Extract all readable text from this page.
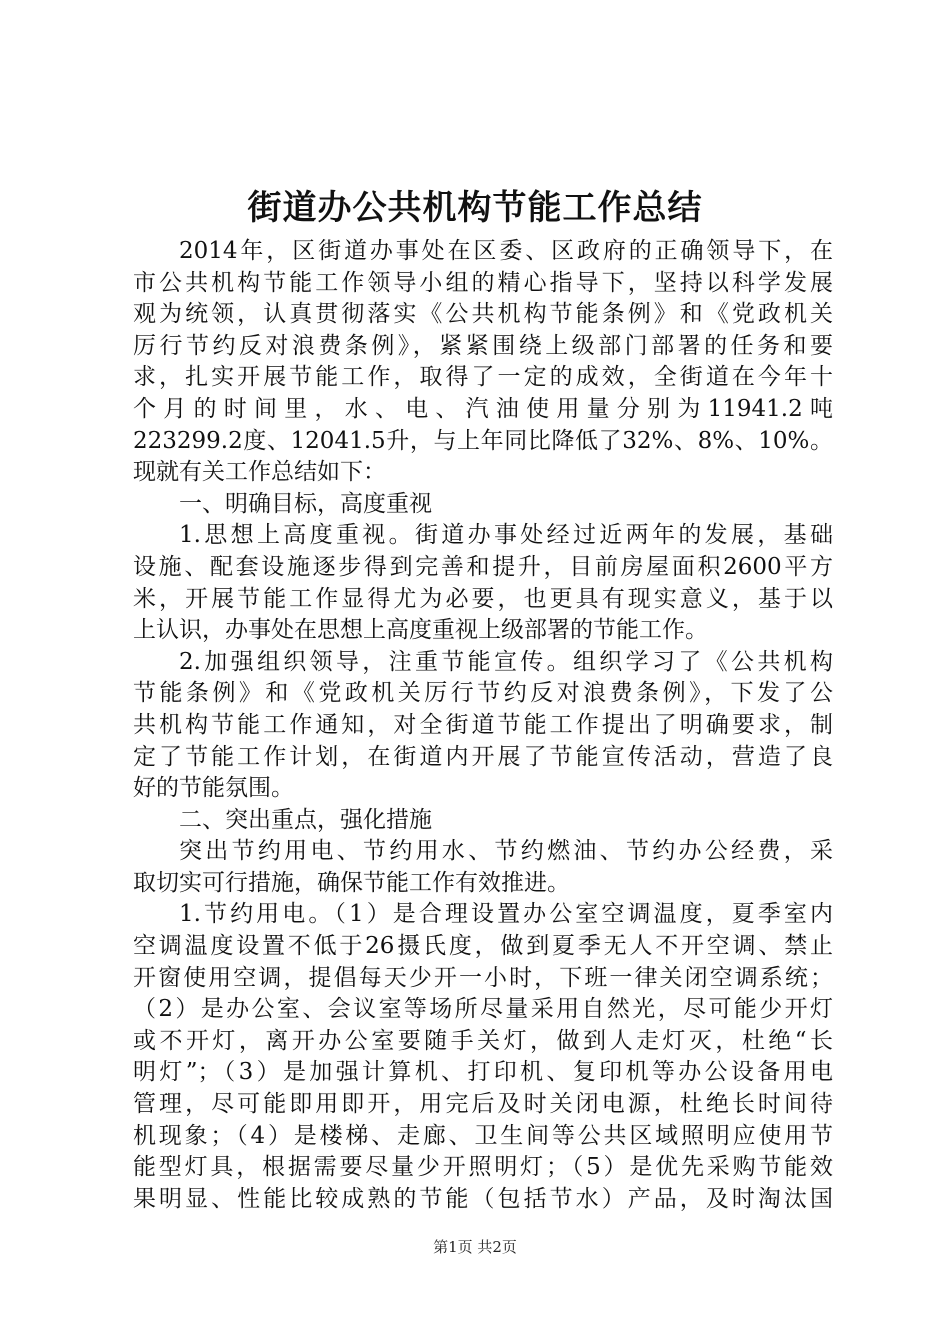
街道办公共机构节能工作总结
2014年，区街道办事处在区委、区政府的正确领导下，在
市公共机构节能工作领导小组的精心指导下，坚持以科学发展
观为统领，认真贯彻落实《公共机构节能条例》和《党政机关
厉行节约反对浪费条例》，紧紧围绕上级部门部署的任务和要
求，扎实开展节能工作，取得了一定的成效，全街道在今年十
个月的时间里，水、电、汽油使用量分别为11941.2吨
223299.2度、12041.5升，与上年同比降低了32%、8%、10%。
现就有关工作总结如下：
一、明确目标，高度重视
1.思想上高度重视。街道办事处经过近两年的发展，基础
设施、配套设施逐步得到完善和提升，目前房屋面积2600平方
米，开展节能工作显得尤为必要，也更具有现实意义，基于以
上认识，办事处在思想上高度重视上级部署的节能工作。
2.加强组织领导，注重节能宣传。组织学习了《公共机构
节能条例》和《党政机关厉行节约反对浪费条例》，下发了公
共机构节能工作通知，对全街道节能工作提出了明确要求，制
定了节能工作计划，在街道内开展了节能宣传活动，营造了良
好的节能氛围。
二、突出重点，强化措施
突出节约用电、节约用水、节约燃油、节约办公经费，采
取切实可行措施，确保节能工作有效推进。
1.节约用电。（1）是合理设置办公室空调温度，夏季室内
空调温度设置不低于26摄氏度，做到夏季无人不开空调、禁止
开窗使用空调，提倡每天少开一小时，下班一律关闭空调系统；
（2）是办公室、会议室等场所尽量采用自然光，尽可能少开灯
或不开灯，离开办公室要随手关灯，做到人走灯灭，杜绝“长
明灯”；（3）是加强计算机、打印机、复印机等办公设备用电
管理，尽可能即用即开，用完后及时关闭电源，杜绝长时间待
机现象；（4）是楼梯、走廊、卫生间等公共区域照明应使用节
能型灯具，根据需要尽量少开照明灯；（5）是优先采购节能效
果明显、性能比较成熟的节能（包括节水）产品，及时淘汰国
第1页 共2页
